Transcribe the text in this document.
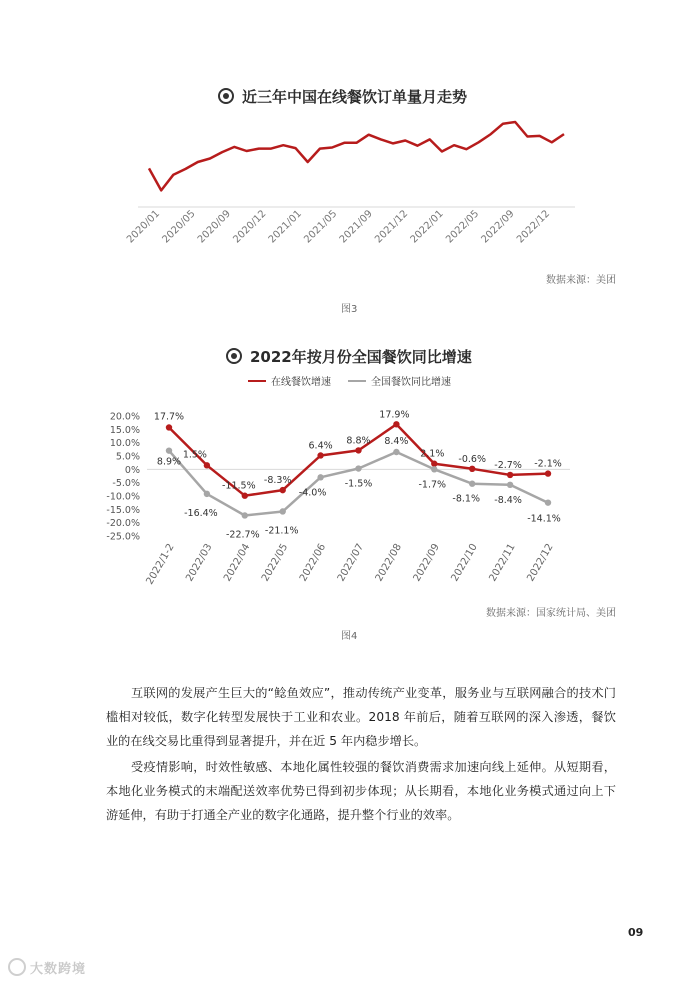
近三年中国在线餐饮订单量月走势
2020/01
2020/05
2020/09
2020/12
2021/01
2021/05
2021/09
2021/12
2022/01
2022/05
2022/09
2022/12
数据来源：美团
图3
2022年按月份全国餐饮同比增速
在线餐饮增速	全国餐饮同比增速
20.0%
15.0%
10.0%
5.0%
0%
-5.0%
-10.0%
-15.0%
-20.0%
-25.0%
17.7%
1.5%
-11.5%
-8.3%
6.4% 8.8%
17.9%
2.1% -0.6%
-2.7% -2.1%
8.9%
-16.4%
-22.7% -21.1%
-4.0%
-1.5%
8.4%
-1.7%
-8.1% -8.4%
-14.1%
2022/1-2 2022/03 2022/04 2022/05 2022/06 2022/07 2022/08 2022/09 2022/10 2022/11 2022/12
数据来源：国家统计局、美团
图4

互联网的发展产生巨大的“鲶鱼效应”，推动传统产业变革，服务业与互联网融合的技术门槛相对较低，数字化转型发展快于工业和农业。2018 年前后，随着互联网的深入渗透，餐饮业的在线交易比重得到显著提升，并在近 5 年内稳步增长。

受疫情影响，时效性敏感、本地化属性较强的餐饮消费需求加速向线上延伸。从短期看，本地化业务模式的末端配送效率优势已得到初步体现；从长期看，本地化业务模式通过向上下游延伸，有助于打通全产业的数字化通路，提升整个行业的效率。

09
大数跨境
